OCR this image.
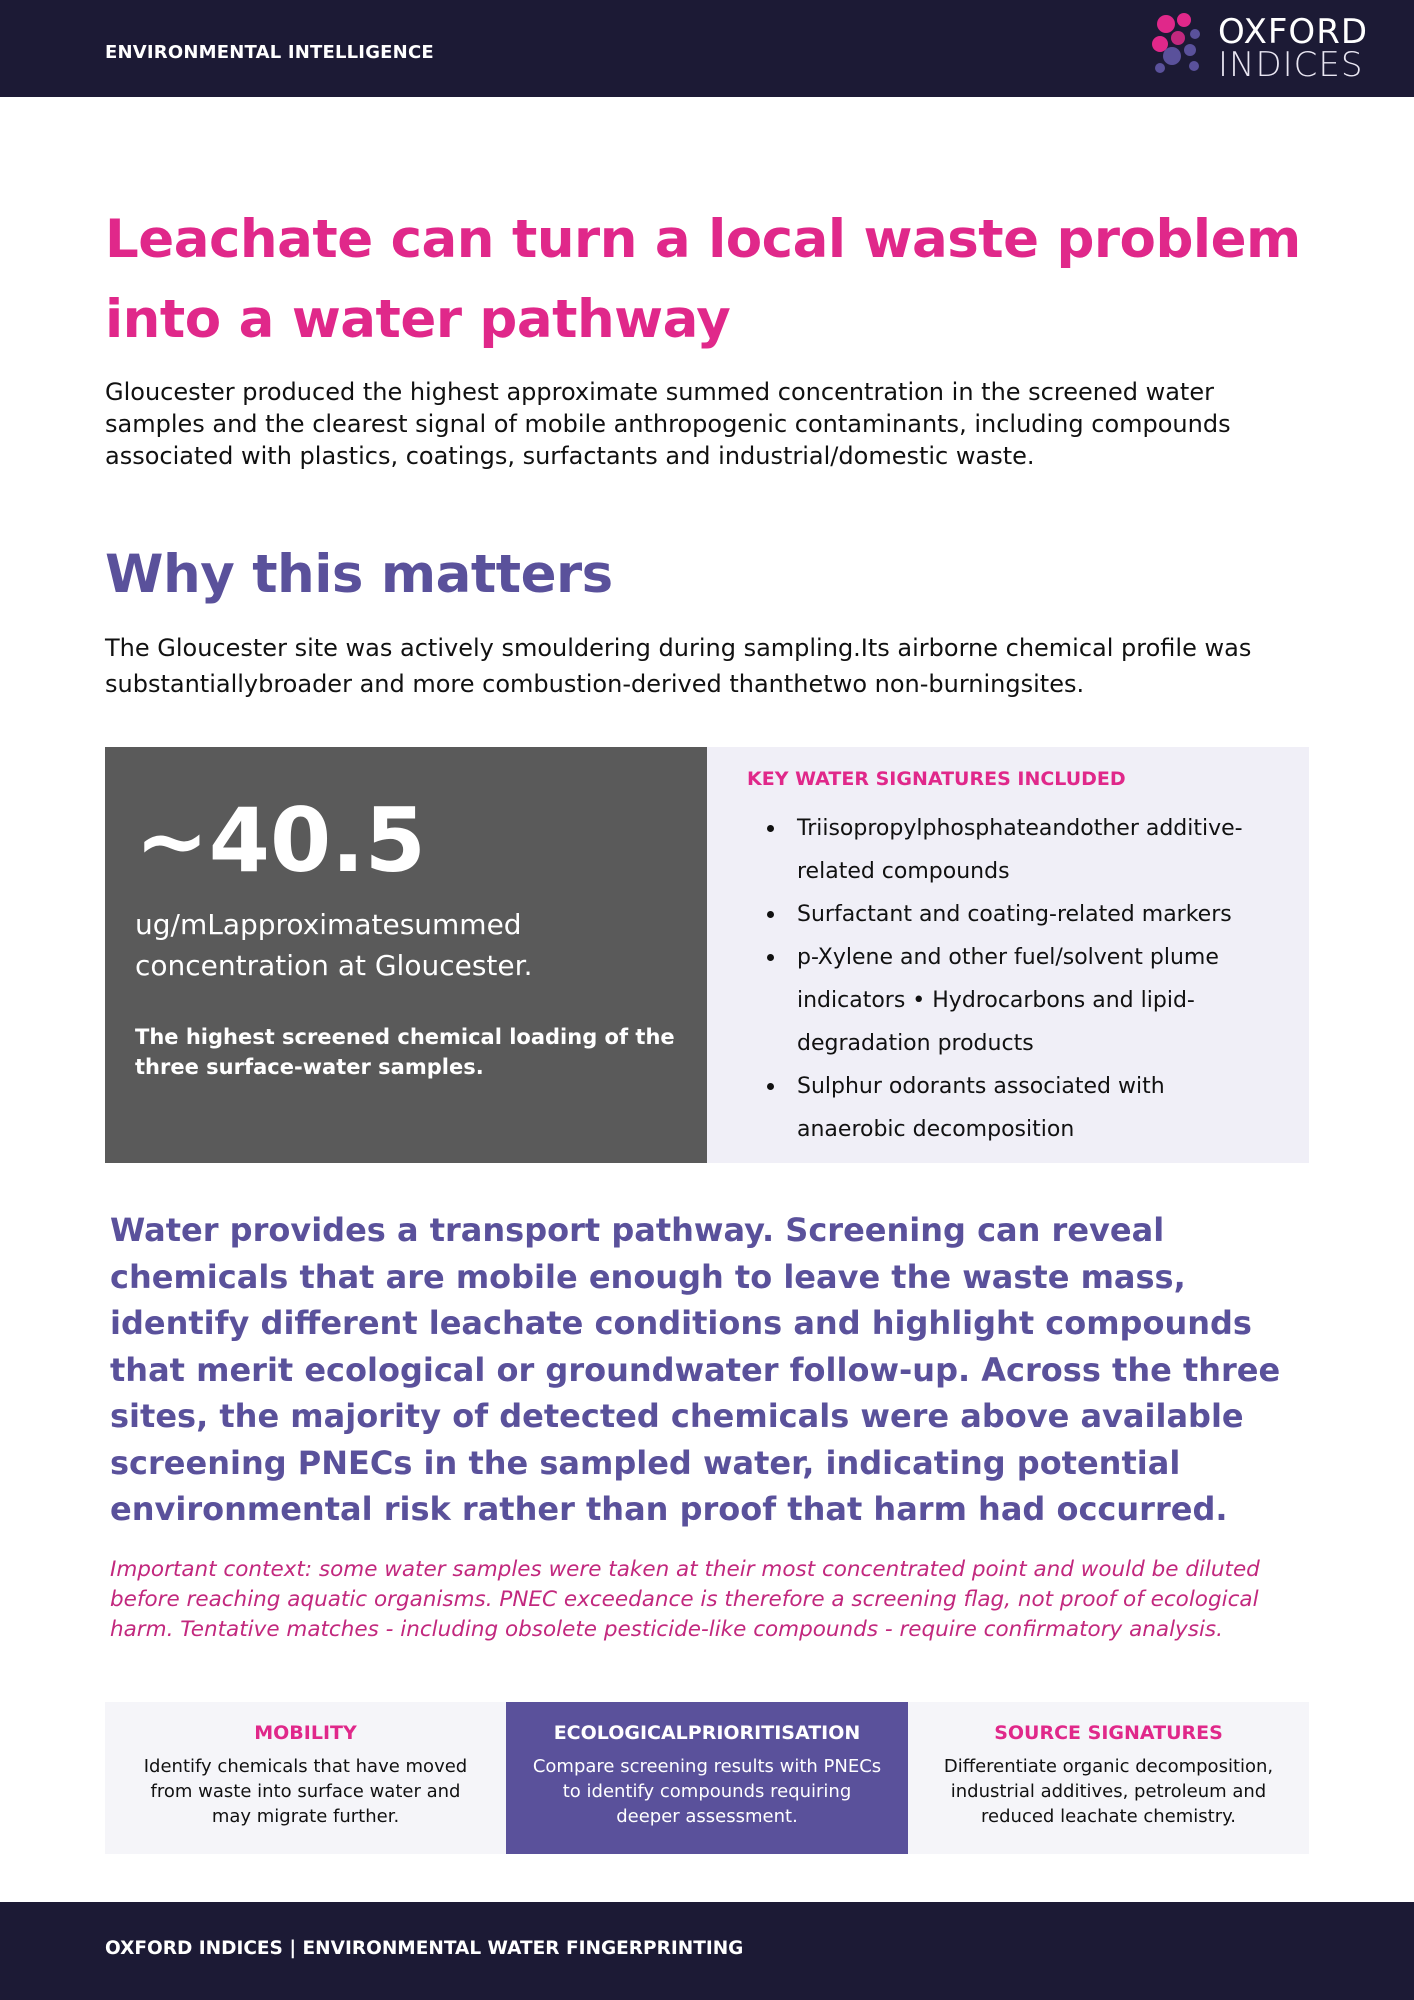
ENVIRONMENTAL INTELLIGENCE
OXFORD
INDICES
Leachate can turn a local waste problem into a water pathway

Gloucester produced the highest approximate summed concentration in the screened water samples and the clearest signal of mobile anthropogenic contaminants, including compounds associated with plastics, coatings, surfactants and industrial/domestic waste.

Why this matters

The Gloucester site was actively smouldering during sampling.Its airborne chemical profile was substantiallybroader and more combustion-derived thanthetwo non-burningsites.

~40.5
ug/mLapproximatesummed concentration at Gloucester.
The highest screened chemical loading of the three surface-water samples.
KEY WATER SIGNATURES INCLUDED
Triisopropylphosphateandother additive-related compounds
Surfactant and coating-related markers
p-Xylene and other fuel/solvent plume indicators • Hydrocarbons and lipid-degradation products
Sulphur odorants associated with anaerobic decomposition

Water provides a transport pathway. Screening can reveal chemicals that are mobile enough to leave the waste mass, identify different leachate conditions and highlight compounds that merit ecological or groundwater follow-up. Across the three sites, the majority of detected chemicals were above available screening PNECs in the sampled water, indicating potential environmental risk rather than proof that harm had occurred.

Important context: some water samples were taken at their most concentrated point and would be diluted before reaching aquatic organisms. PNEC exceedance is therefore a screening flag, not proof of ecological harm. Tentative matches - including obsolete pesticide-like compounds - require confirmatory analysis.

MOBILITY

Identify chemicals that have moved from waste into surface water and may migrate further.

ECOLOGICALPRIORITISATION

Compare screening results with PNECs to identify compounds requiring deeper assessment.

SOURCE SIGNATURES

Differentiate organic decomposition, industrial additives, petroleum and reduced leachate chemistry.

OXFORD INDICES | ENVIRONMENTAL WATER FINGERPRINTING
